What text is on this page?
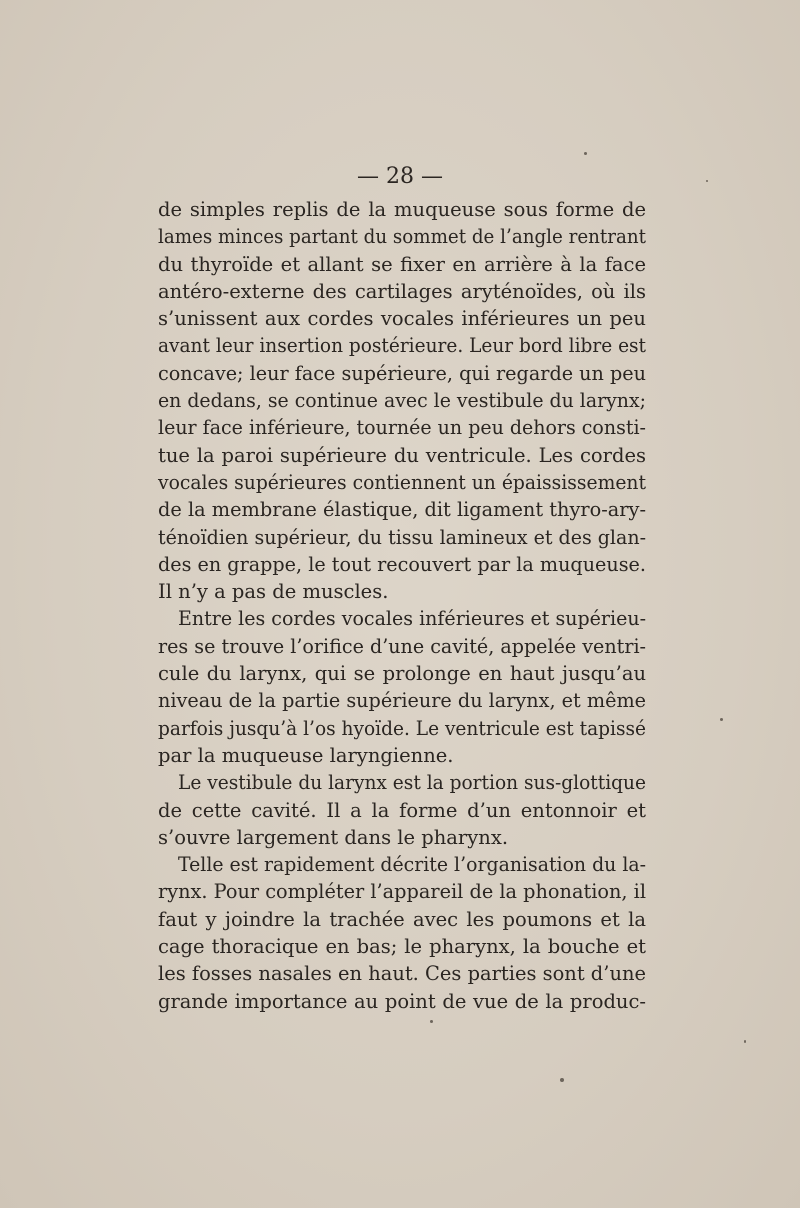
— 28 —
de simples replis de la muqueuse sous forme de
lames minces partant du sommet de l’angle rentrant
du thyroïde et allant se fixer en arrière à la face
antéro-externe des cartilages aryténoïdes, où ils
s’unissent aux cordes vocales inférieures un peu
avant leur insertion postérieure. Leur bord libre est
concave; leur face supérieure, qui regarde un peu
en dedans, se continue avec le vestibule du larynx;
leur face inférieure, tournée un peu dehors consti-
tue la paroi supérieure du ventricule. Les cordes
vocales supérieures contiennent un épaississement
de la membrane élastique, dit ligament thyro-ary-
ténoïdien supérieur, du tissu lamineux et des glan-
des en grappe, le tout recouvert par la muqueuse.
Il n’y a pas de muscles.
Entre les cordes vocales inférieures et supérieu-
res se trouve l’orifice d’une cavité, appelée ventri-
cule du larynx, qui se prolonge en haut jusqu’au
niveau de la partie supérieure du larynx, et même
parfois jusqu’à l’os hyoïde. Le ventricule est tapissé
par la muqueuse laryngienne.
Le vestibule du larynx est la portion sus-glottique
de cette cavité. Il a la forme d’un entonnoir et
s’ouvre largement dans le pharynx.
Telle est rapidement décrite l’organisation du la-
rynx. Pour compléter l’appareil de la phonation, il
faut y joindre la trachée avec les poumons et la
cage thoracique en bas; le pharynx, la bouche et
les fosses nasales en haut. Ces parties sont d’une
grande importance au point de vue de la produc-
